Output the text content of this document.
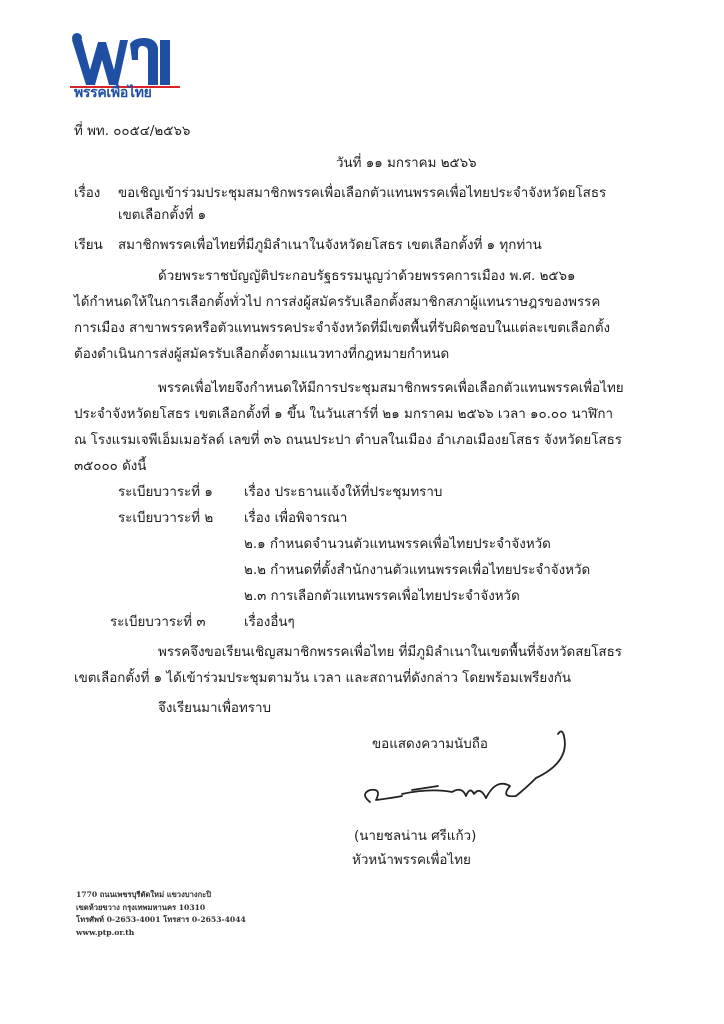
พรรคเพื่อไทย
ที่ พท. ๐๐๕๔/๒๕๖๖
วันที่ ๑๑ มกราคม ๒๕๖๖
เรื่อง ขอเชิญเข้าร่วมประชุมสมาชิกพรรคเพื่อเลือกตัวแทนพรรคเพื่อไทยประจำจังหวัดยโสธร
เขตเลือกตั้งที่ ๑
เรียน สมาชิกพรรคเพื่อไทยที่มีภูมิลำเนาในจังหวัดยโสธร เขตเลือกตั้งที่ ๑ ทุกท่าน
ด้วยพระราชบัญญัติประกอบรัฐธรรมนูญว่าด้วยพรรคการเมือง พ.ศ. ๒๕๖๑
ได้กำหนดให้ในการเลือกตั้งทั่วไป การส่งผู้สมัครรับเลือกตั้งสมาชิกสภาผู้แทนราษฎรของพรรค
การเมือง สาขาพรรคหรือตัวแทนพรรคประจำจังหวัดที่มีเขตพื้นที่รับผิดชอบในแต่ละเขตเลือกตั้ง
ต้องดำเนินการส่งผู้สมัครรับเลือกตั้งตามแนวทางที่กฎหมายกำหนด
พรรคเพื่อไทยจึงกำหนดให้มีการประชุมสมาชิกพรรคเพื่อเลือกตัวแทนพรรคเพื่อไทย
ประจำจังหวัดยโสธร เขตเลือกตั้งที่ ๑ ขึ้น ในวันเสาร์ที่ ๒๑ มกราคม ๒๕๖๖ เวลา ๑๐.๐๐ นาฬิกา
ณ โรงแรมเจพีเอ็มเมอรัลด์ เลขที่ ๓๖ ถนนประปา ตำบลในเมือง อำเภอเมืองยโสธร จังหวัดยโสธร
๓๕๐๐๐ ดังนี้
ระเบียบวาระที่ ๑ เรื่อง ประธานแจ้งให้ที่ประชุมทราบ
ระเบียบวาระที่ ๒ เรื่อง เพื่อพิจารณา
๒.๑ กำหนดจำนวนตัวแทนพรรคเพื่อไทยประจำจังหวัด
๒.๒ กำหนดที่ตั้งสำนักงานตัวแทนพรรคเพื่อไทยประจำจังหวัด
๒.๓ การเลือกตัวแทนพรรคเพื่อไทยประจำจังหวัด
ระเบียบวาระที่ ๓	เรื่องอื่นๆ
พรรคจึงขอเรียนเชิญสมาชิกพรรคเพื่อไทย ที่มีภูมิลำเนาในเขตพื้นที่จังหวัดสยโสธร
เขตเลือกตั้งที่ ๑ ได้เข้าร่วมประชุมตามวัน เวลา และสถานที่ดังกล่าว โดยพร้อมเพรียงกัน
จึงเรียนมาเพื่อทราบ
ขอแสดงความนับถือ
(นายชลน่าน ศรีแก้ว)
หัวหน้าพรรคเพื่อไทย
1770 ถนนเพชรบุรีตัดใหม่ แขวงบางกะปิ
เขตห้วยขวาง กรุงเทพมหานคร 10310
โทรศัพท์ 0-2653-4001 โทรสาร 0-2653-4044
www.ptp.or.th
